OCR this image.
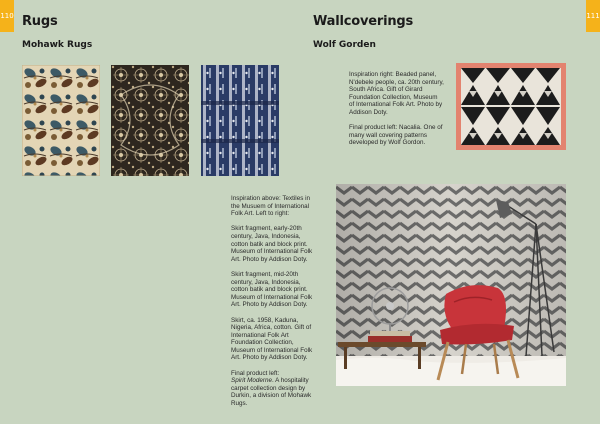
110 Rugs
Mohawk Rugs

Inspiration above: Textiles in the Musuem of International Folk Art. Left to right:

Skirt fragment, early-20th century, Java, Indonesia, cotton batik and block print. Museum of International Folk Art. Photo by Addison Doty.

Skirt fragment, mid-20th century, Java, Indonesia, cotton batik and block print. Museum of International Folk Art. Photo by Addison Doty.

Skirt, ca. 1958, Kaduna, Nigeria, Africa, cotton. Gift of International Folk Art Foundation Collection, Museum of International Folk Art. Photo by Addison Doty.

Final product left:
Spirit Moderne. A hospitality carpet collection design by Durkin, a division of Mohawk Rugs.

111
Wallcoverings
Wolf Gorden

Inspiration right: Beaded panel, N'debele people, ca. 20th century, South Africa. Gift of Girard Foundation Collection, Museum of International Folk Art. Photo by Addison Doty.

Final product left: Nacalia. One of many wall covering patterns developed by Wolf Gordon.
